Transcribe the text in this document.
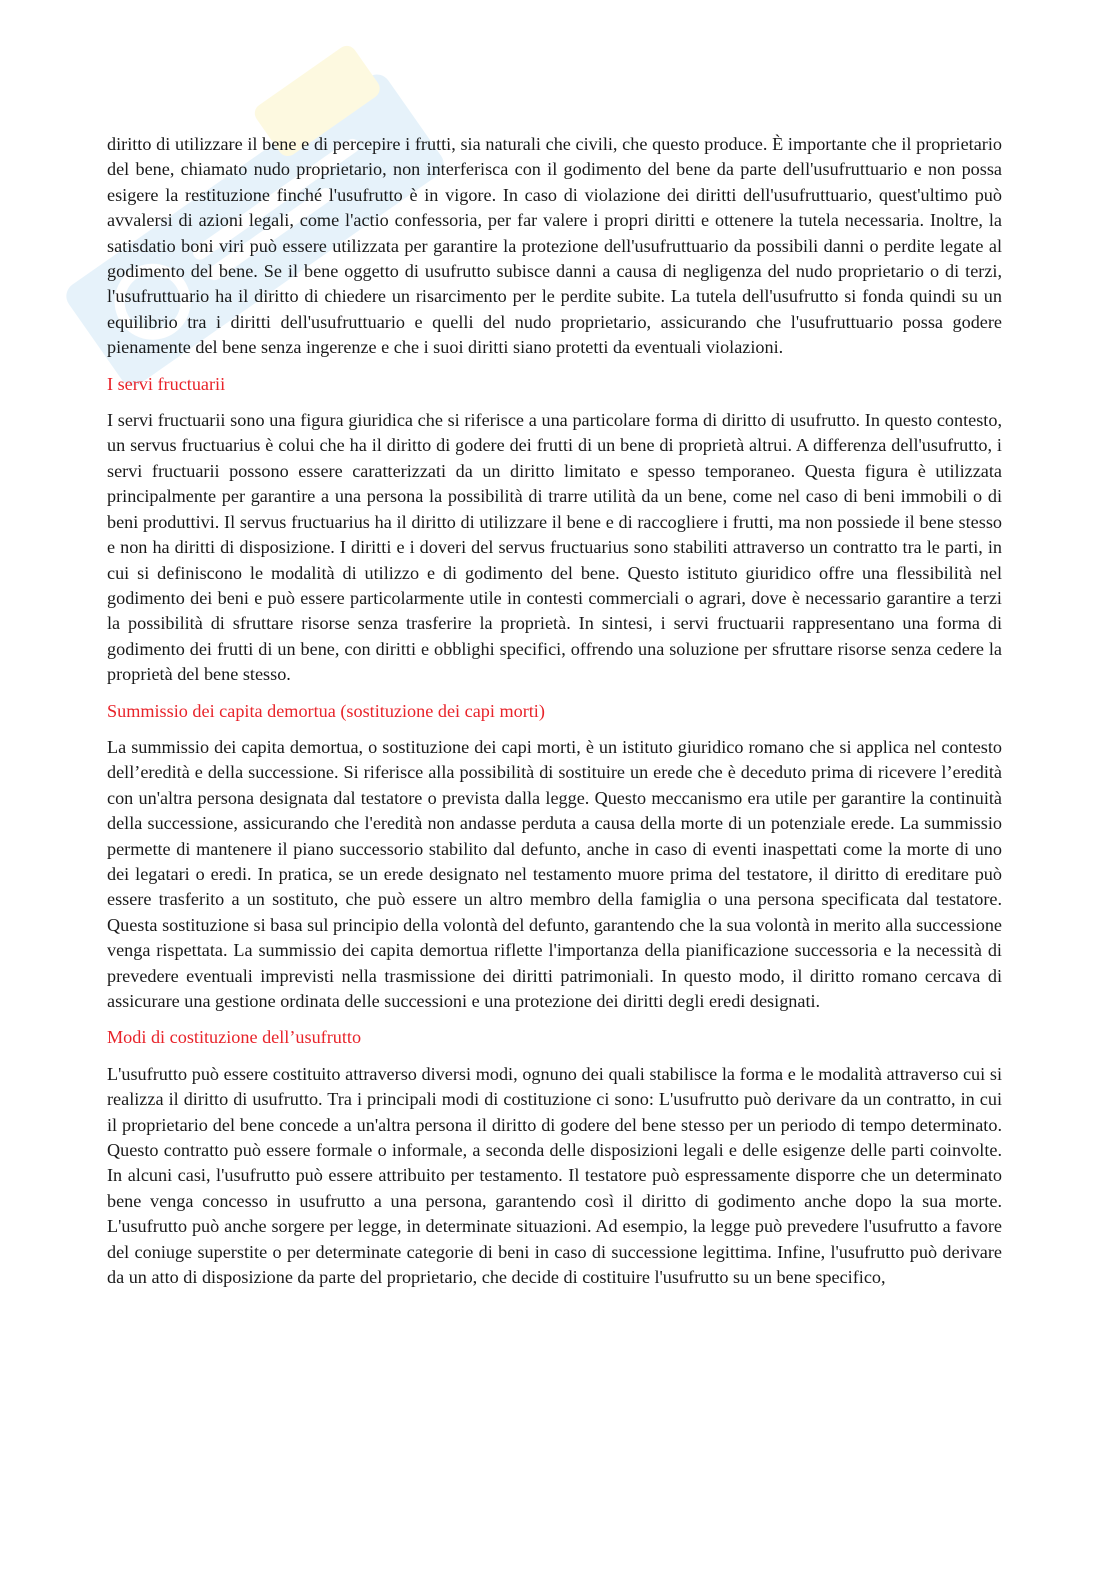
diritto di utilizzare il bene e di percepire i frutti, sia naturali che civili, che questo produce. È importante che il proprietario del bene, chiamato nudo proprietario, non interferisca con il godimento del bene da parte dell'usufruttuario e non possa esigere la restituzione finché l'usufrutto è in vigore. In caso di violazione dei diritti dell'usufruttuario, quest'ultimo può avvalersi di azioni legali, come l'actio confessoria, per far valere i propri diritti e ottenere la tutela necessaria. Inoltre, la satisdatio boni viri può essere utilizzata per garantire la protezione dell'usufruttuario da possibili danni o perdite legate al godimento del bene. Se il bene oggetto di usufrutto subisce danni a causa di negligenza del nudo proprietario o di terzi, l'usufruttuario ha il diritto di chiedere un risarcimento per le perdite subite. La tutela dell'usufrutto si fonda quindi su un equilibrio tra i diritti dell'usufruttuario e quelli del nudo proprietario, assicurando che l'usufruttuario possa godere pienamente del bene senza ingerenze e che i suoi diritti siano protetti da eventuali violazioni.

I servi fructuarii

I servi fructuarii sono una figura giuridica che si riferisce a una particolare forma di diritto di usufrutto. In questo contesto, un servus fructuarius è colui che ha il diritto di godere dei frutti di un bene di proprietà altrui. A differenza dell'usufrutto, i servi fructuarii possono essere caratterizzati da un diritto limitato e spesso temporaneo. Questa figura è utilizzata principalmente per garantire a una persona la possibilità di trarre utilità da un bene, come nel caso di beni immobili o di beni produttivi. Il servus fructuarius ha il diritto di utilizzare il bene e di raccogliere i frutti, ma non possiede il bene stesso e non ha diritti di disposizione. I diritti e i doveri del servus fructuarius sono stabiliti attraverso un contratto tra le parti, in cui si definiscono le modalità di utilizzo e di godimento del bene. Questo istituto giuridico offre una flessibilità nel godimento dei beni e può essere particolarmente utile in contesti commerciali o agrari, dove è necessario garantire a terzi la possibilità di sfruttare risorse senza trasferire la proprietà. In sintesi, i servi fructuarii rappresentano una forma di godimento dei frutti di un bene, con diritti e obblighi specifici, offrendo una soluzione per sfruttare risorse senza cedere la proprietà del bene stesso.

Summissio dei capita demortua (sostituzione dei capi morti)

La summissio dei capita demortua, o sostituzione dei capi morti, è un istituto giuridico romano che si applica nel contesto dell’eredità e della successione. Si riferisce alla possibilità di sostituire un erede che è deceduto prima di ricevere l’eredità con un'altra persona designata dal testatore o prevista dalla legge. Questo meccanismo era utile per garantire la continuità della successione, assicurando che l'eredità non andasse perduta a causa della morte di un potenziale erede. La summissio permette di mantenere il piano successorio stabilito dal defunto, anche in caso di eventi inaspettati come la morte di uno dei legatari o eredi. In pratica, se un erede designato nel testamento muore prima del testatore, il diritto di ereditare può essere trasferito a un sostituto, che può essere un altro membro della famiglia o una persona specificata dal testatore. Questa sostituzione si basa sul principio della volontà del defunto, garantendo che la sua volontà in merito alla successione venga rispettata. La summissio dei capita demortua riflette l'importanza della pianificazione successoria e la necessità di prevedere eventuali imprevisti nella trasmissione dei diritti patrimoniali. In questo modo, il diritto romano cercava di assicurare una gestione ordinata delle successioni e una protezione dei diritti degli eredi designati.

Modi di costituzione dell’usufrutto

L'usufrutto può essere costituito attraverso diversi modi, ognuno dei quali stabilisce la forma e le modalità attraverso cui si realizza il diritto di usufrutto. Tra i principali modi di costituzione ci sono: L'usufrutto può derivare da un contratto, in cui il proprietario del bene concede a un'altra persona il diritto di godere del bene stesso per un periodo di tempo determinato. Questo contratto può essere formale o informale, a seconda delle disposizioni legali e delle esigenze delle parti coinvolte. In alcuni casi, l'usufrutto può essere attribuito per testamento. Il testatore può espressamente disporre che un determinato bene venga concesso in usufrutto a una persona, garantendo così il diritto di godimento anche dopo la sua morte. L'usufrutto può anche sorgere per legge, in determinate situazioni. Ad esempio, la legge può prevedere l'usufrutto a favore del coniuge superstite o per determinate categorie di beni in caso di successione legittima. Infine, l'usufrutto può derivare da un atto di disposizione da parte del proprietario, che decide di costituire l'usufrutto su un bene specifico,
